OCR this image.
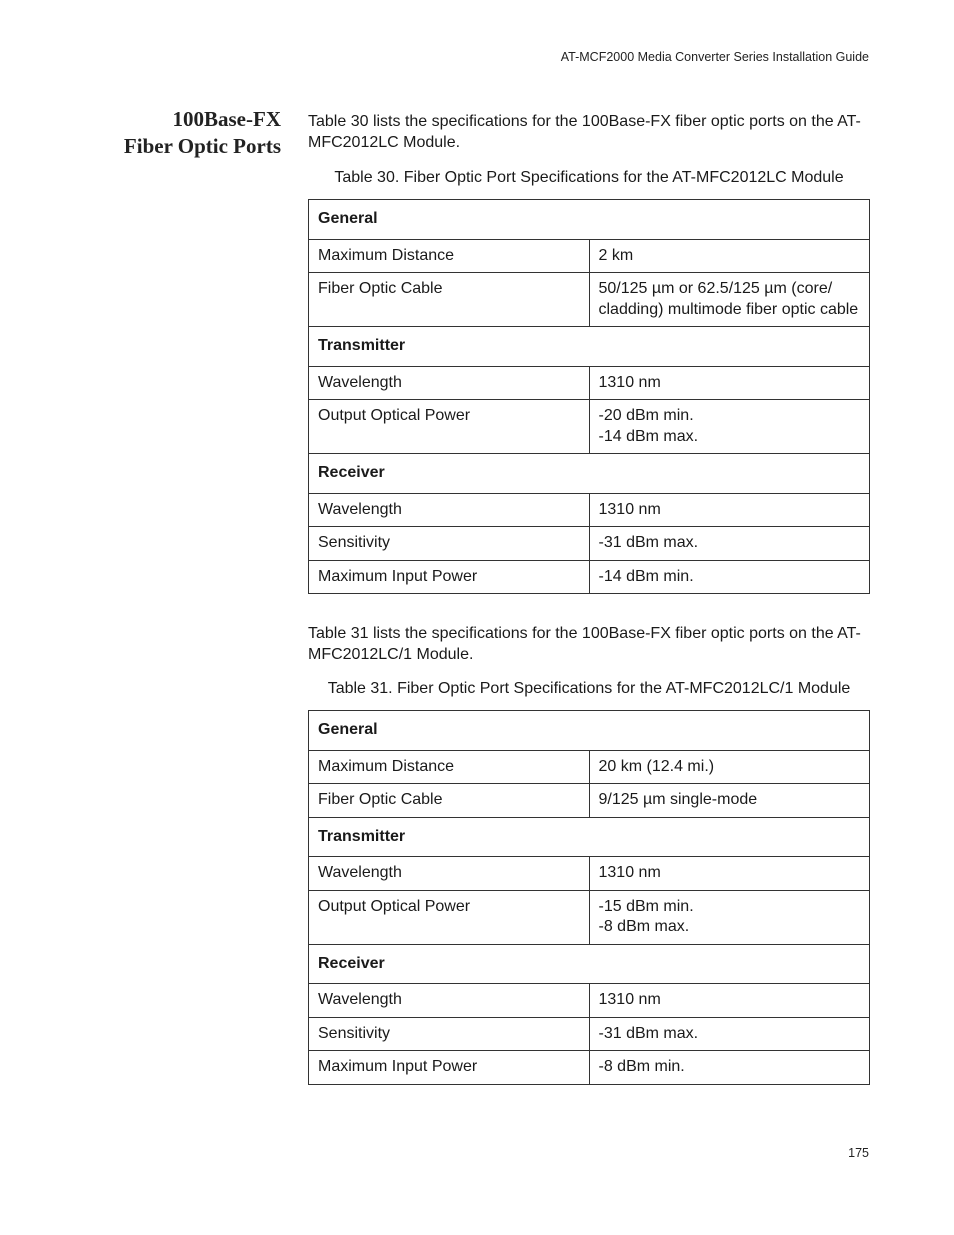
AT-MCF2000 Media Converter Series Installation Guide
100Base-FX
Fiber Optic Ports

Table 30 lists the specifications for the 100Base-FX fiber optic ports on the AT-MFC2012LC Module.

Table 30. Fiber Optic Port Specifications for the AT-MFC2012LC Module

General	
Maximum Distance	2 km
Fiber Optic Cable	50/125 µm or 62.5/125 µm (core/ cladding) multimode fiber optic cable
Transmitter	
Wavelength	1310 nm
Output Optical Power	-20 dBm min.
-14 dBm max.

Receiver	
Wavelength	1310 nm
Sensitivity	-31 dBm max.
Maximum Input Power	-14 dBm min.

Table 31 lists the specifications for the 100Base-FX fiber optic ports on the AT-MFC2012LC/1 Module.

Table 31. Fiber Optic Port Specifications for the AT-MFC2012LC/1 Module

General	
Maximum Distance	20 km (12.4 mi.)
Fiber Optic Cable	9/125 µm single-mode
Transmitter	
Wavelength	1310 nm
Output Optical Power	-15 dBm min.
-8 dBm max.

Receiver	
Wavelength	1310 nm
Sensitivity	-31 dBm max.
Maximum Input Power	-8 dBm min.
175
